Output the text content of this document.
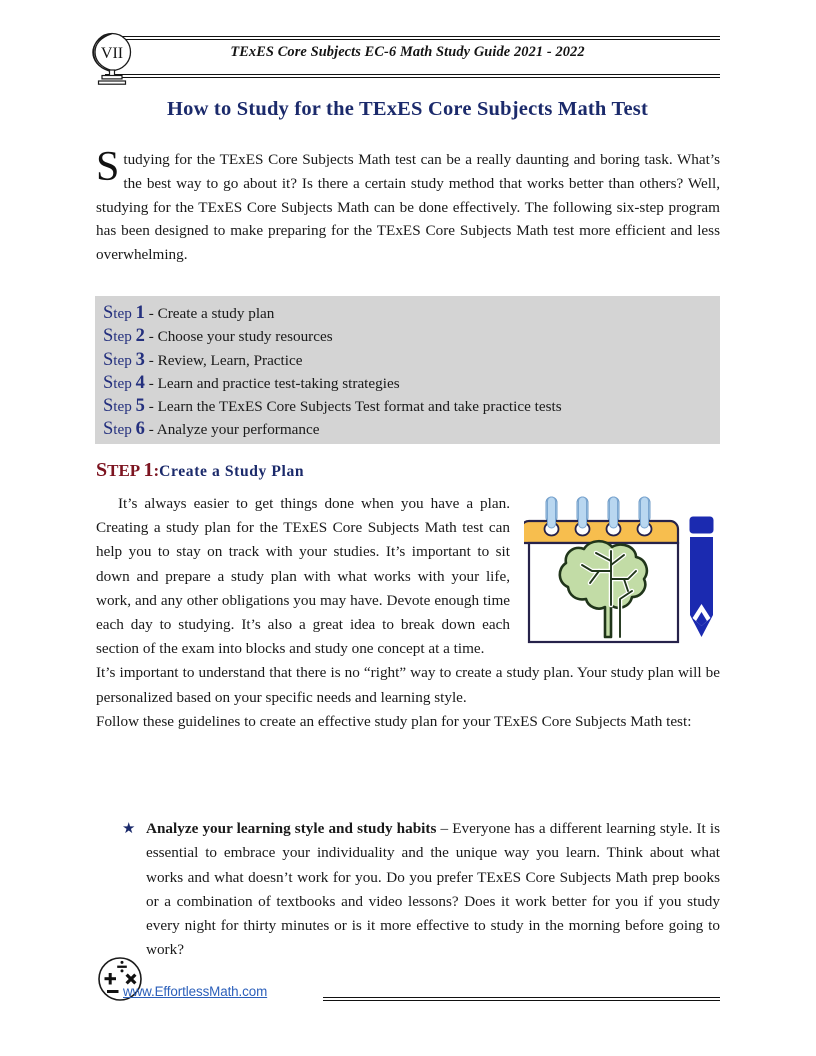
TExES Core Subjects EC-6 Math Study Guide 2021 - 2022
VII
How to Study for the TExES Core Subjects Math Test
Studying for the TExES Core Subjects Math test can be a really daunting and boring task. What’s the best way to go about it? Is there a certain study method that works better than others? Well, studying for the TExES Core Subjects Math can be done effectively. The following six-step program has been designed to make preparing for the TExES Core Subjects Math test more efficient and less overwhelming.
Step 1 - Create a study plan
Step 2 - Choose your study resources
Step 3 - Review, Learn, Practice
Step 4 - Learn and practice test-taking strategies
Step 5 - Learn the TExES Core Subjects Test format and take practice tests
Step 6 - Analyze your performance
STEP 1:Create a Study Plan

It’s always easier to get things done when you have a plan. Creating a study plan for the TExES Core Subjects Math test can help you to stay on track with your studies. It’s important to sit down and prepare a study plan with what works with your life, work, and any other obligations you may have. Devote enough time each day to studying. It’s also a great idea to break down each section of the exam into blocks and study one concept at a time.

It’s important to understand that there is no “right” way to create a study plan. Your study plan will be personalized based on your specific needs and learning style.

Follow these guidelines to create an effective study plan for your TExES Core Subjects Math test:

★ Analyze your learning style and study habits – Everyone has a different learning style. It is essential to embrace your individuality and the unique way you learn. Think about what works and what doesn’t work for you. Do you prefer TExES Core Subjects Math prep books or a combination of textbooks and video lessons? Does it work better for you if you study every night for thirty minutes or is it more effective to study in the morning before going to work?
www.EffortlessMath.com
